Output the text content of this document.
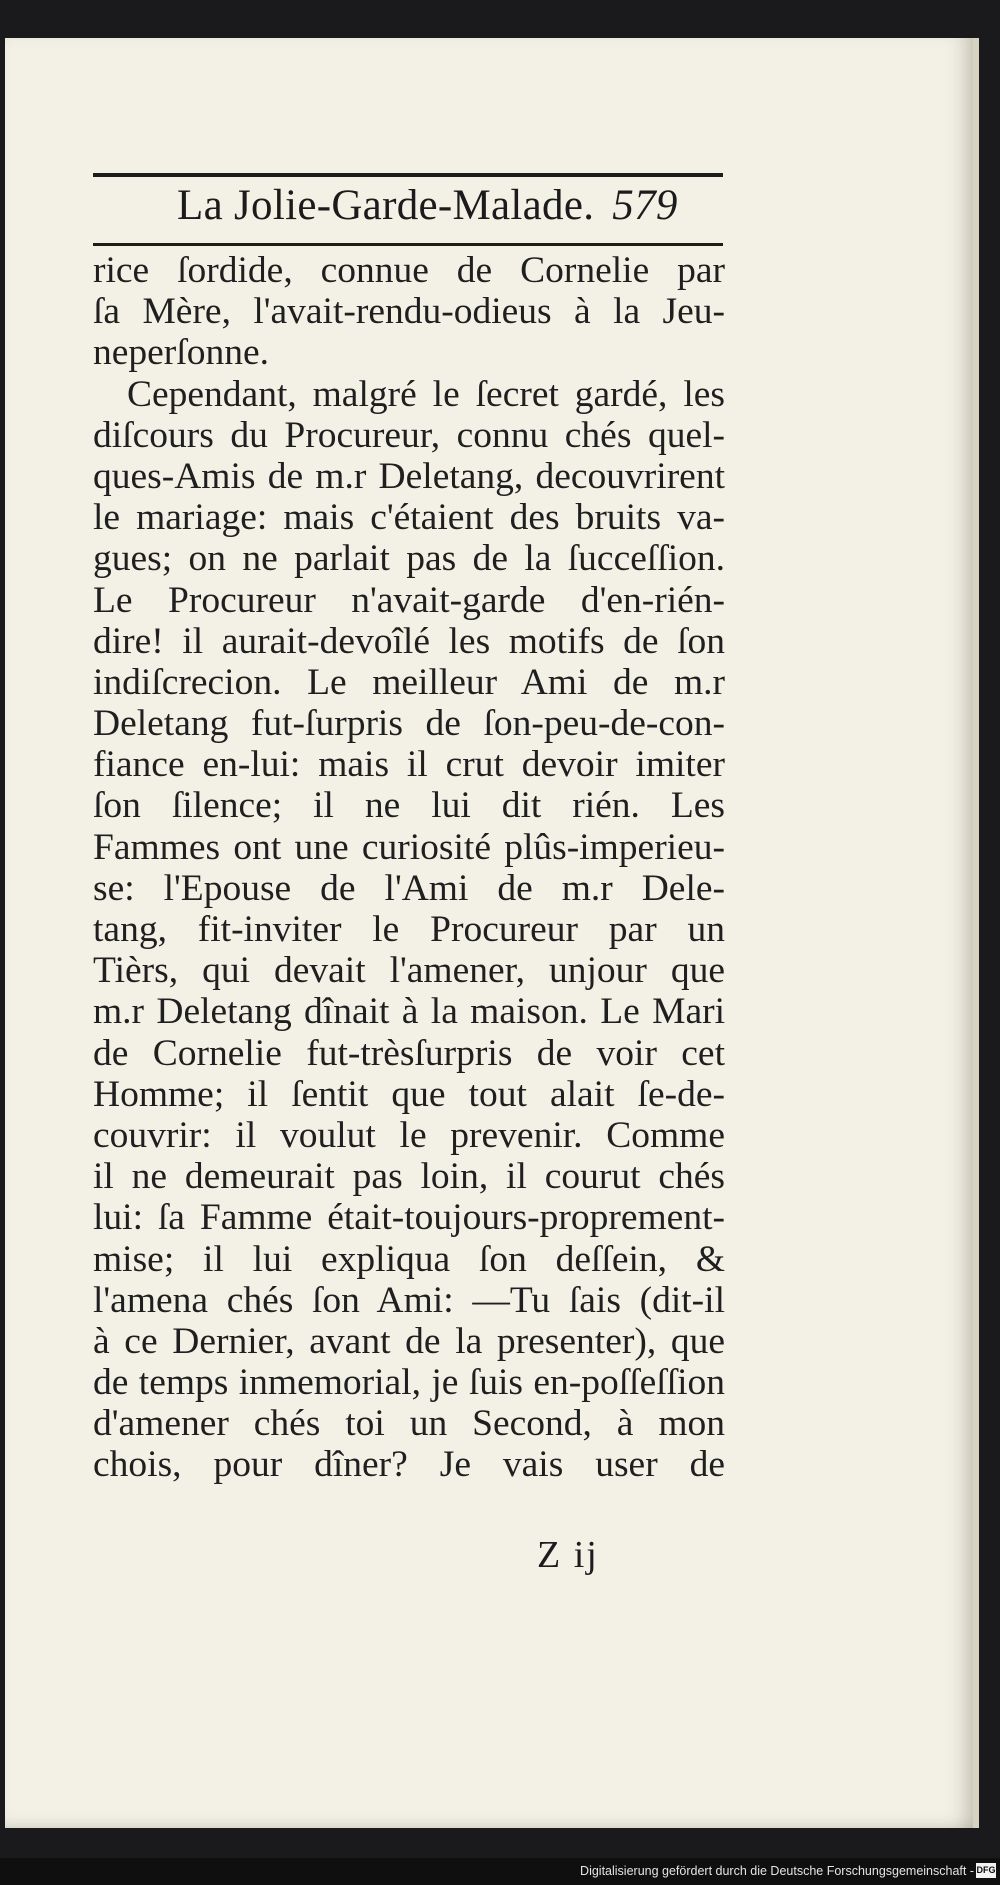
La Jolie-Garde-Malade. 579
rice ſordide, connue de Cornelie par
ſa Mère, l'avait-rendu-odieus à la Jeu-
neperſonne.
Cependant, malgré le ſecret gardé, les
diſcours du Procureur, connu chés quel-
ques-Amis de m.r Deletang, decouvrirent
le mariage: mais c'étaient des bruits va-
gues; on ne parlait pas de la ſucceſſion.
Le Procureur n'avait-garde d'en-rién-
dire! il aurait-devoîlé les motifs de ſon
indiſcrecion. Le meilleur Ami de m.r
Deletang fut-ſurpris de ſon-peu-de-con-
fiance en-lui: mais il crut devoir imiter
ſon ſilence; il ne lui dit rién. Les
Fammes ont une curiosité plûs-imperieu-
se: l'Epouse de l'Ami de m.r Dele-
tang, fit-inviter le Procureur par un
Tièrs, qui devait l'amener, unjour que
m.r Deletang dînait à la maison. Le Mari
de Cornelie fut-trèsſurpris de voir cet
Homme; il ſentit que tout alait ſe-de-
couvrir: il voulut le prevenir. Comme
il ne demeurait pas loin, il courut chés
lui: ſa Famme était-toujours-proprement-
mise; il lui expliqua ſon deſſein, &
l'amena chés ſon Ami: —Tu ſais (dit-il
à ce Dernier, avant de la presenter), que
de temps inmemorial, je ſuis en-poſſeſſion
d'amener chés toi un Second, à mon
chois, pour dîner? Je vais user de
Z ij
Digitalisierung gefördert durch die Deutsche Forschungsgemeinschaft - DFG
